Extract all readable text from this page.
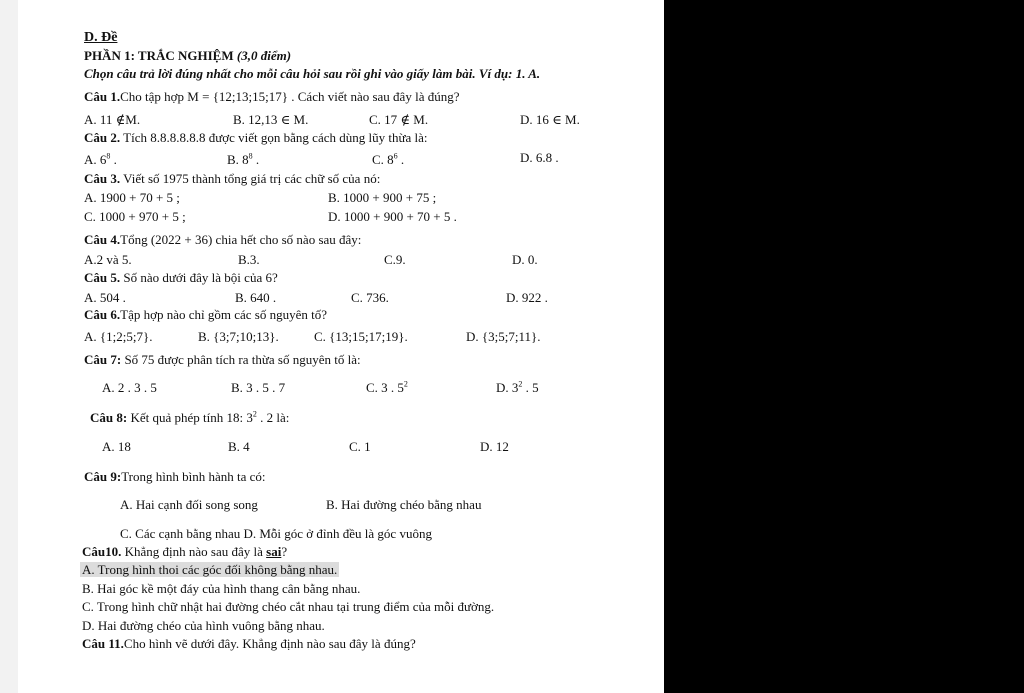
D. Đề
PHẦN 1: TRẮC NGHIỆM (3,0 điểm)
Chọn câu trả lời đúng nhất cho mỗi câu hỏi sau rồi ghi vào giấy làm bài. Ví dụ: 1. A.
Câu 1.Cho tập hợp M = {12;13;15;17} . Cách viết nào sau đây là đúng?
A. 11 ∉M.	B. 12,13 ∈ M.	C. 17 ∉ M.	D. 16 ∈ M.
Câu 2. Tích 8.8.8.8.8.8 được viết gọn bằng cách dùng lũy thừa là:
A. $6^8$ .	B. $8^8$ .	C. $8^6$ .	D. 6.8 .
Câu 3. Viết số 1975 thành tổng giá trị các chữ số của nó:
A. 1900 + 70 + 5 ;	B. 1000 + 900 + 75 ;
C. 1000 + 970 + 5 ;	D. 1000 + 900 + 70 + 5 .
Câu 4.Tổng (2022 + 36) chia hết cho số nào sau đây:
A.2 và 5.	B.3.	C.9.	D. 0.
Câu 5. Số nào dưới đây là bội của 6?
A. 504 .	B. 640 .	C. 736.	D. 922 .
Câu 6.Tập hợp nào chỉ gồm các số nguyên tố?
A. {1;2;5;7}.	B. {3;7;10;13}.	C. {13;15;17;19}.	D. {3;5;7;11}.
Câu 7: Số 75 được phân tích ra thừa số nguyên tố là:
A. 2 . 3 . 5	B. 3 . 5 . 7	C. 3 . $5^2$	D. $3^2$ . 5
Câu 8: Kết quả phép tính 18: $3^2$ . 2 là:
A. 18	B. 4	C. 1	D. 12
Câu 9:Trong hình bình hành ta có:
A. Hai cạnh đối song song	B. Hai đường chéo bằng nhau
C. Các cạnh bằng nhau D. Mỗi góc ở đỉnh đều là góc vuông
Câu10. Khẳng định nào sau đây là sai?
A. Trong hình thoi các góc đối không bằng nhau.
B. Hai góc kề một đáy của hình thang cân bằng nhau.
C. Trong hình chữ nhật hai đường chéo cắt nhau tại trung điểm của mỗi đường.
D. Hai đường chéo của hình vuông bằng nhau.
Câu 11.Cho hình vẽ dưới đây. Khẳng định nào sau đây là đúng?
